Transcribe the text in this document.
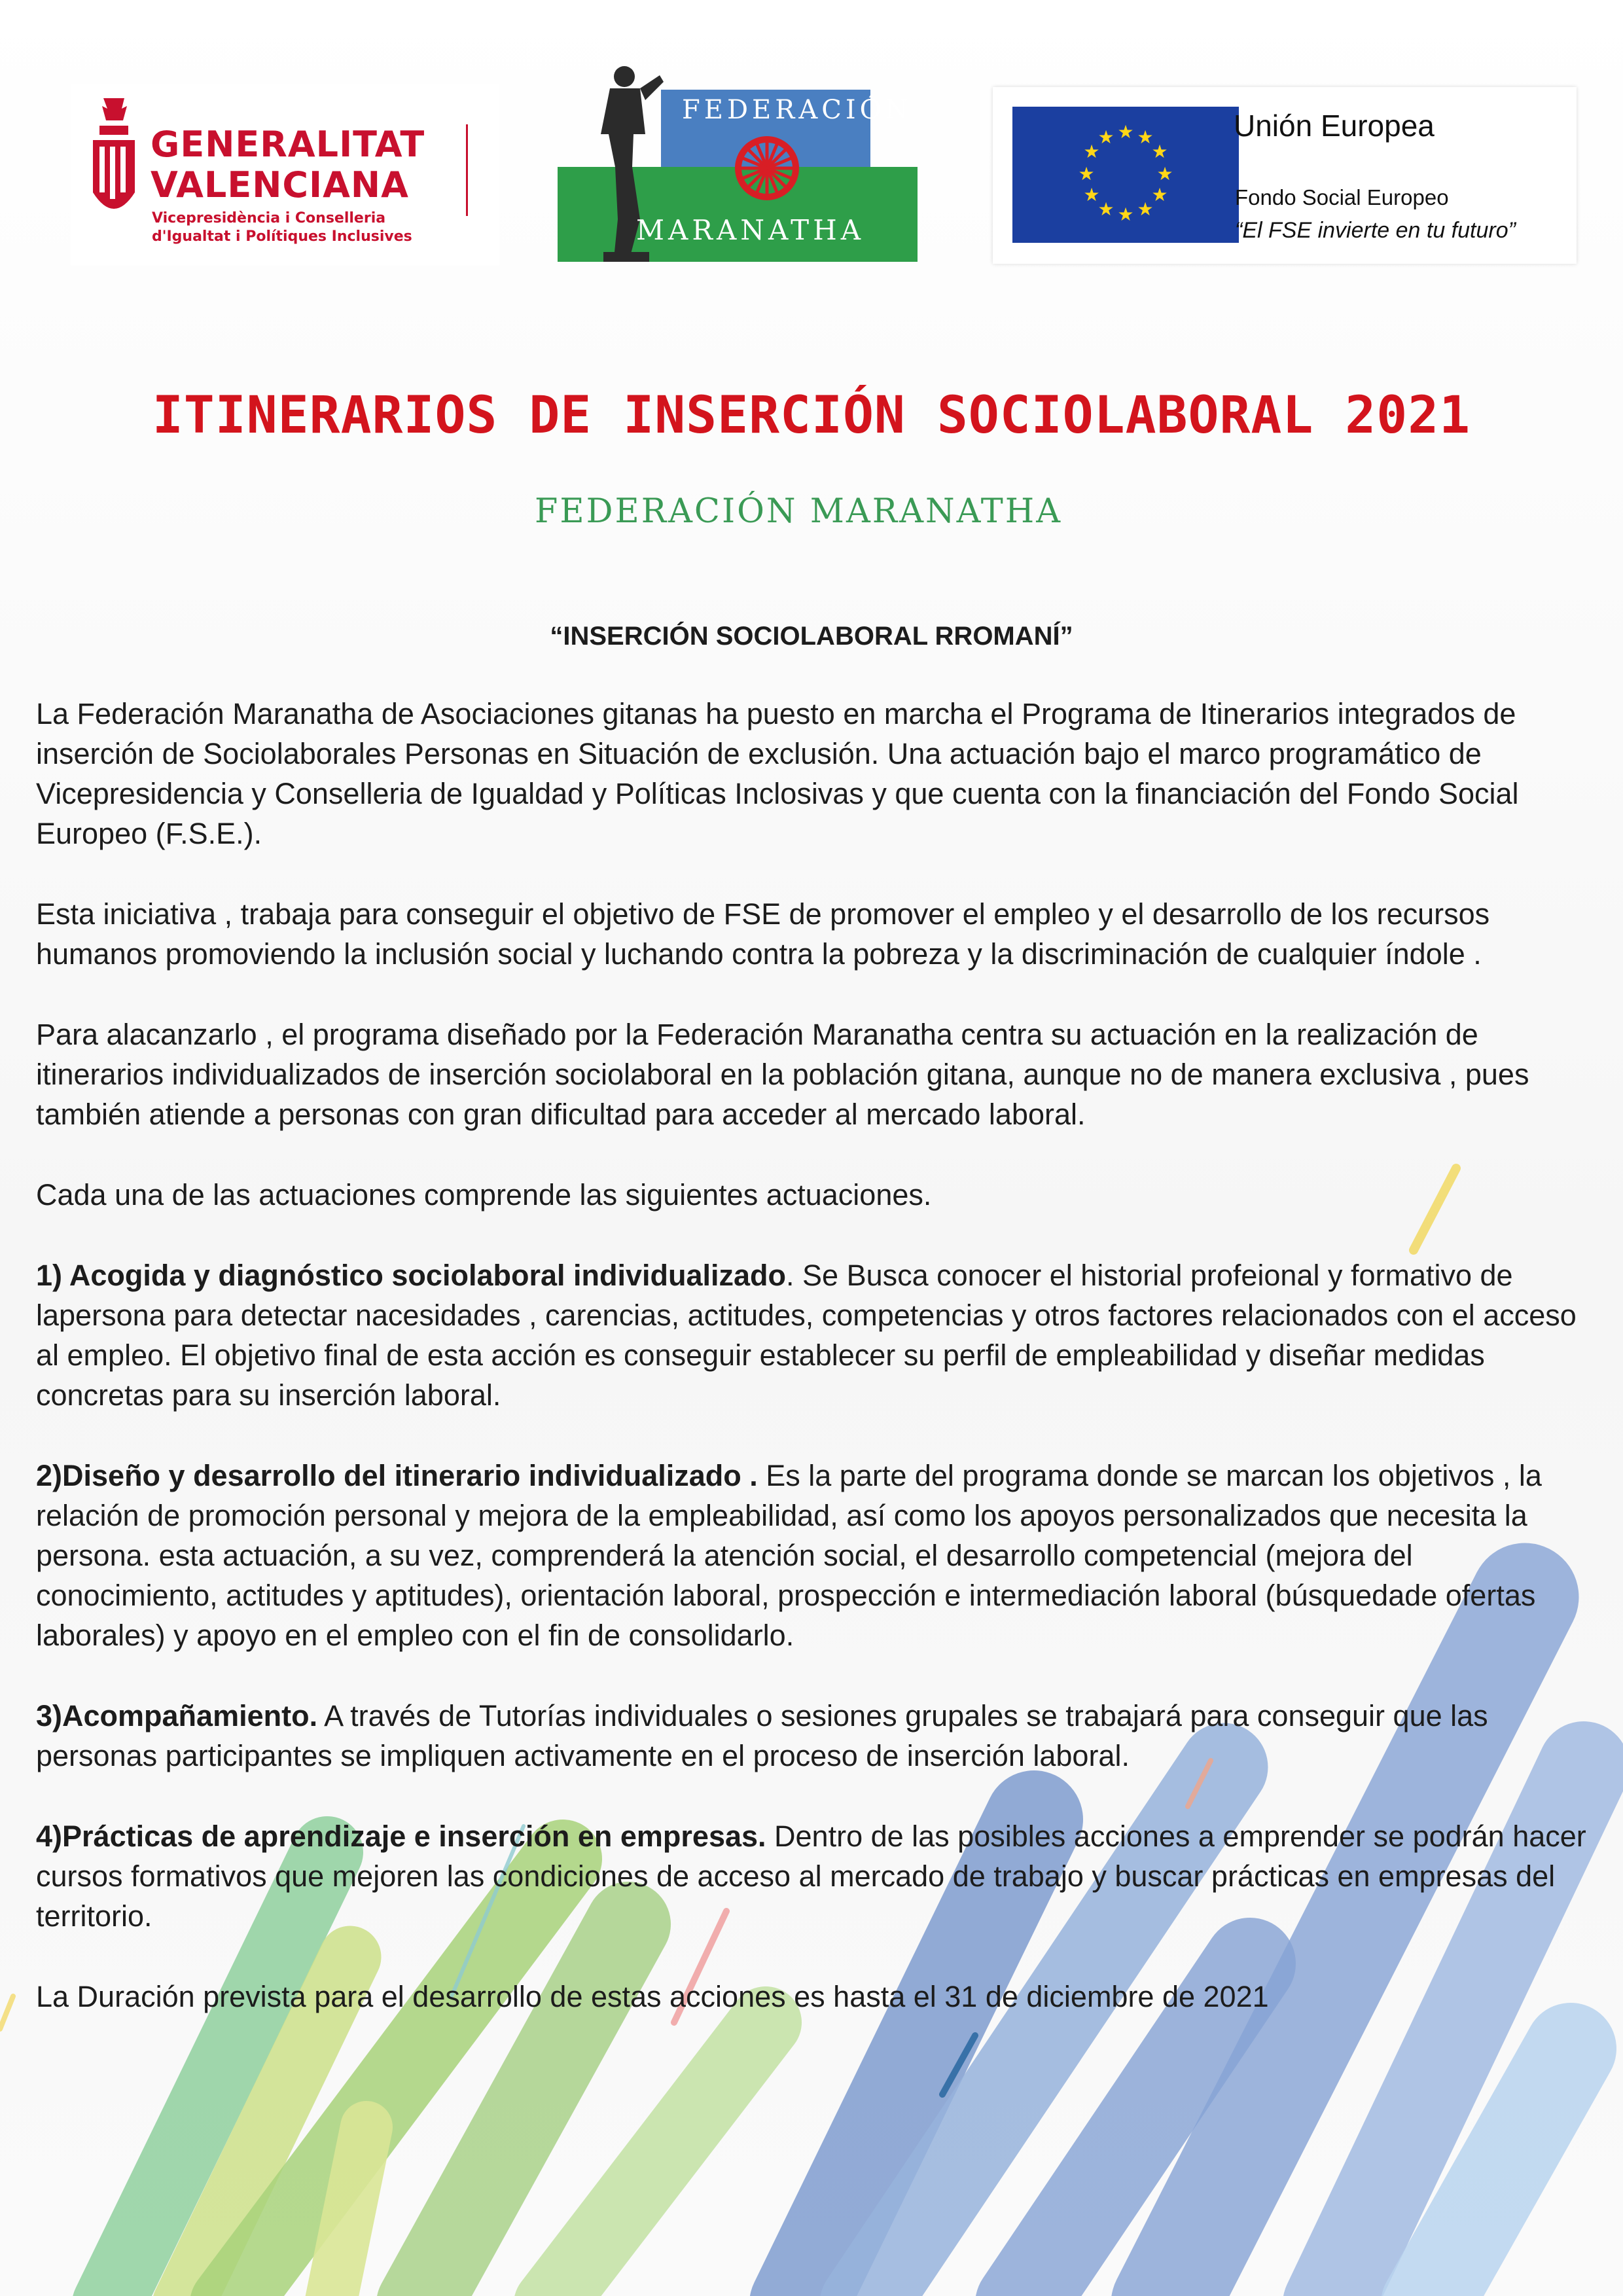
GENERALITAT
VALENCIANA
Vicepresidència i Conselleria
d'Igualtat i Polítiques Inclusives
FEDERACIÓN
MARANATHA
★ ★
★
★
★
★
★
★
★
★
★
★	Unión Europea
Fondo Social Europeo
“El FSE invierte en tu futuro”
ITINERARIOS DE INSERCIÓN SOCIOLABORAL 2021
FEDERACIÓN MARANATHA
“INSERCIÓN SOCIOLABORAL RROMANÍ”

La Federación Maranatha de Asociaciones gitanas ha puesto en marcha el Programa de Itinerarios integrados de inserción de Sociolaborales Personas en Situación de exclusión. Una actuación bajo el marco programático de Vicepresidencia y Conselleria de Igualdad y Políticas Inclosivas y que cuenta con la financiación del Fondo Social Europeo (F.S.E.).

Esta iniciativa , trabaja para conseguir el objetivo de FSE de promover el empleo y el desarrollo de los recursos humanos promoviendo la inclusión social y luchando contra la pobreza y la discriminación de cualquier índole .

Para alacanzarlo , el programa diseñado por la Federación Maranatha centra su actuación en la realización de itinerarios individualizados de inserción sociolaboral en la población gitana, aunque no de manera exclusiva , pues también atiende a personas con gran dificultad para acceder al mercado laboral.

Cada una de las actuaciones comprende las siguientes actuaciones.

1) Acogida y diagnóstico sociolaboral individualizado. Se Busca conocer el historial profeional y formativo de lapersona para detectar nacesidades , carencias, actitudes, competencias y otros factores relacionados con el acceso al empleo. El objetivo final de esta acción es conseguir establecer su perfil de empleabilidad y diseñar medidas concretas para su inserción laboral.

2)Diseño y desarrollo del itinerario individualizado . Es la parte del programa donde se marcan los objetivos , la relación de promoción personal y mejora de la empleabilidad, así como los apoyos personalizados que necesita la persona. esta actuación, a su vez, comprenderá la atención social, el desarrollo competencial (mejora del conocimiento, actitudes y aptitudes), orientación laboral, prospección e intermediación laboral (búsquedade ofertas laborales) y apoyo en el empleo con el fin de consolidarlo.

3)Acompañamiento. A través de Tutorías individuales o sesiones grupales se trabajará para conseguir que las personas participantes se impliquen activamente en el proceso de inserción laboral.

4)Prácticas de aprendizaje e inserción en empresas. Dentro de las posibles acciones a emprender se podrán hacer cursos formativos que mejoren las condiciones de acceso al mercado de trabajo y buscar prácticas en empresas del territorio.

La Duración prevista para el desarrollo de estas acciones es hasta el 31 de diciembre de 2021
